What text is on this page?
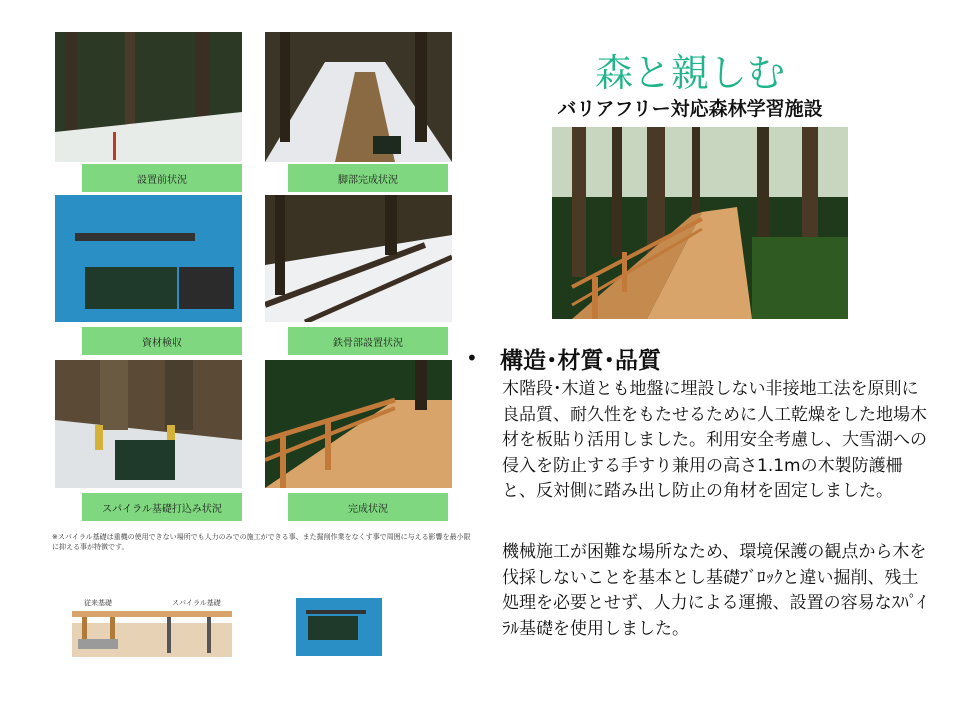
森と親しむ
バリアフリー対応森林学習施設
設置前状況	脚部完成状況
資材検収	鉄骨部設置状況
スパイラル基礎打込み状況	完成状況
※スパイラル基礎は重機の使用できない場所でも人力のみでの施工ができる事、また掘削作業をなくす事で周囲に与える影響を最小限に抑える事が特徴です。
従来基礎	スパイラル基礎
• 構造･材質･品質
木階段･木道とも地盤に埋設しない非接地工法を原則に良品質、耐久性をもたせるために人工乾燥をした地場木材を板貼り活用しました。利用安全考慮し、大雪湖への侵入を防止する手すり兼用の高さ1.1mの木製防護柵と、反対側に踏み出し防止の角材を固定しました。
機械施工が困難な場所なため、環境保護の観点から木を伐採しないことを基本とし基礎ﾌﾞﾛｯｸと違い掘削、残土処理を必要とせず、人力による運搬、設置の容易なｽﾊﾟｲﾗﾙ基礎を使用しました。
